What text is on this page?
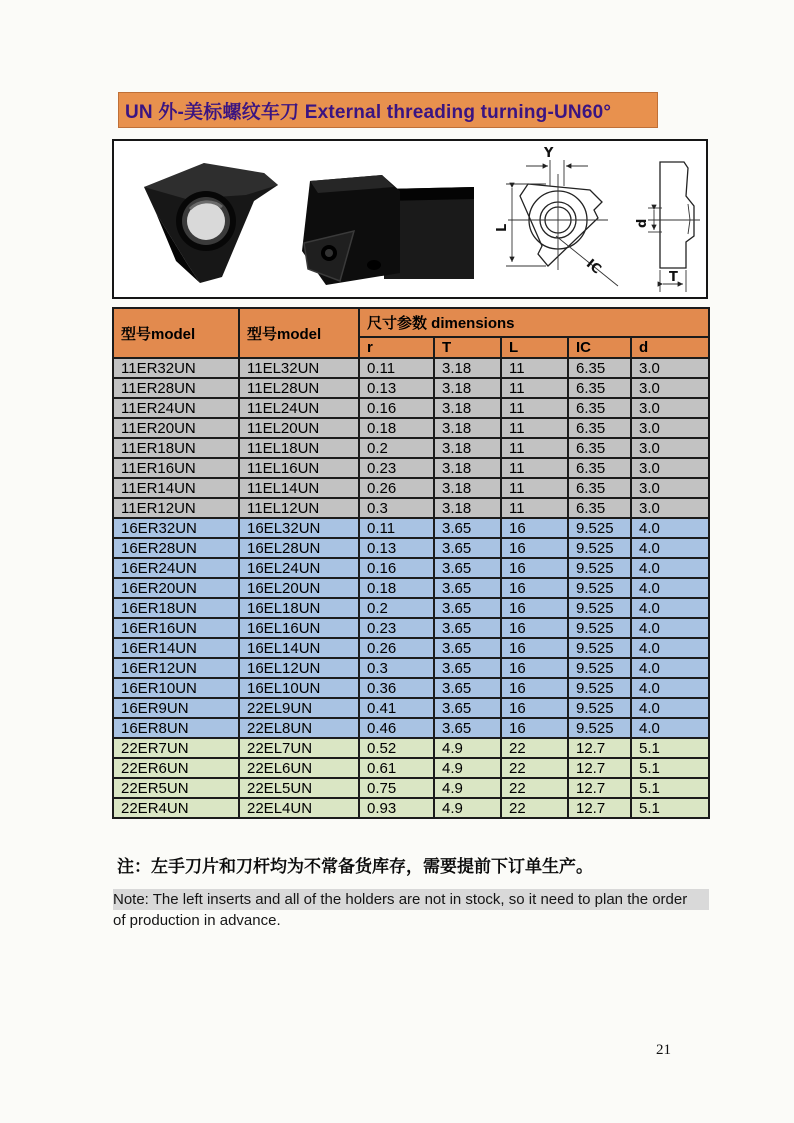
UN 外-美标螺纹车刀 External threading turning-UN60°
Y
L
IC
d
T
型号model	型号model	尺寸参数 dimensions				
		r	T	L	IC	d
11ER32UN	11EL32UN	0.11	3.18	11	6.35	3.0
11ER28UN	11EL28UN	0.13	3.18	11	6.35	3.0
11ER24UN	11EL24UN	0.16	3.18	11	6.35	3.0
11ER20UN	11EL20UN	0.18	3.18	11	6.35	3.0
11ER18UN	11EL18UN	0.2	3.18	11	6.35	3.0
11ER16UN	11EL16UN	0.23	3.18	11	6.35	3.0
11ER14UN	11EL14UN	0.26	3.18	11	6.35	3.0
11ER12UN	11EL12UN	0.3	3.18	11	6.35	3.0
16ER32UN	16EL32UN	0.11	3.65	16	9.525	4.0
16ER28UN	16EL28UN	0.13	3.65	16	9.525	4.0
16ER24UN	16EL24UN	0.16	3.65	16	9.525	4.0
16ER20UN	16EL20UN	0.18	3.65	16	9.525	4.0
16ER18UN	16EL18UN	0.2	3.65	16	9.525	4.0
16ER16UN	16EL16UN	0.23	3.65	16	9.525	4.0
16ER14UN	16EL14UN	0.26	3.65	16	9.525	4.0
16ER12UN	16EL12UN	0.3	3.65	16	9.525	4.0
16ER10UN	16EL10UN	0.36	3.65	16	9.525	4.0
16ER9UN	22EL9UN	0.41	3.65	16	9.525	4.0
16ER8UN	22EL8UN	0.46	3.65	16	9.525	4.0
22ER7UN	22EL7UN	0.52	4.9	22	12.7	5.1
22ER6UN	22EL6UN	0.61	4.9	22	12.7	5.1
22ER5UN	22EL5UN	0.75	4.9	22	12.7	5.1
22ER4UN	22EL4UN	0.93	4.9	22	12.7	5.1
注：左手刀片和刀杆均为不常备货库存，需要提前下订单生产。
Note: The left inserts and all of the holders are not in stock, so it need to plan the order
of production in advance.
21
